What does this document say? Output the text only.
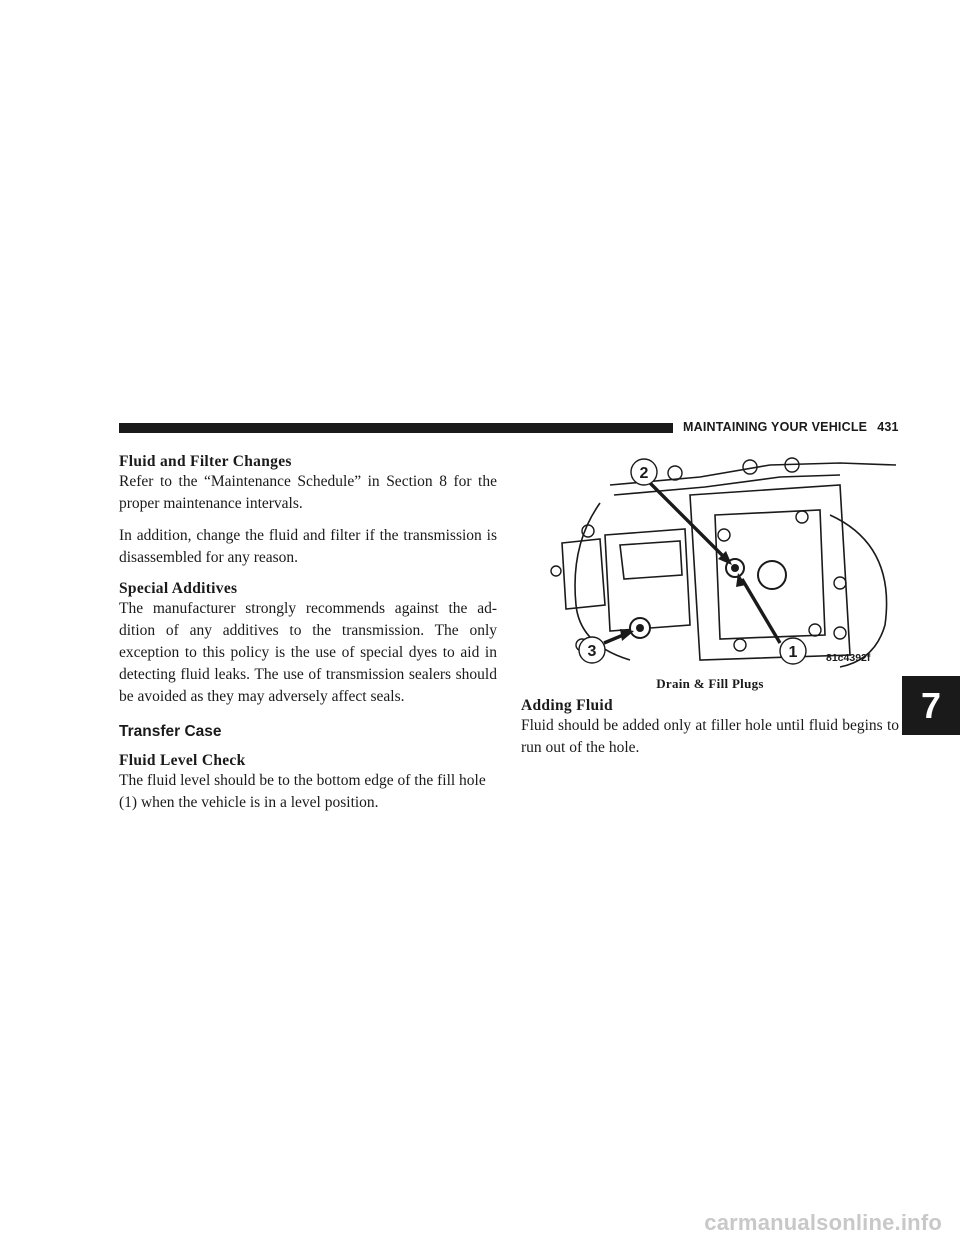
MAINTAINING YOUR VEHICLE 431
Fluid and Filter Changes

Refer to the “Maintenance Schedule” in Section 8 for the proper maintenance intervals.

In addition, change the fluid and filter if the transmission is disassembled for any reason.

Special Additives

The manufacturer strongly recommends against the ad-dition of any additives to the transmission. The only exception to this policy is the use of special dyes to aid in detecting fluid leaks. The use of transmission sealers should be avoided as they may adversely affect seals.

Transfer Case
Fluid Level Check

The fluid level should be to the bottom edge of the fill hole (1) when the vehicle is in a level position.

2
3	1	81c4392f
Drain & Fill Plugs
Adding Fluid

Fluid should be added only at filler hole until fluid begins to run out of the hole.

7
carmanualsonline.info
